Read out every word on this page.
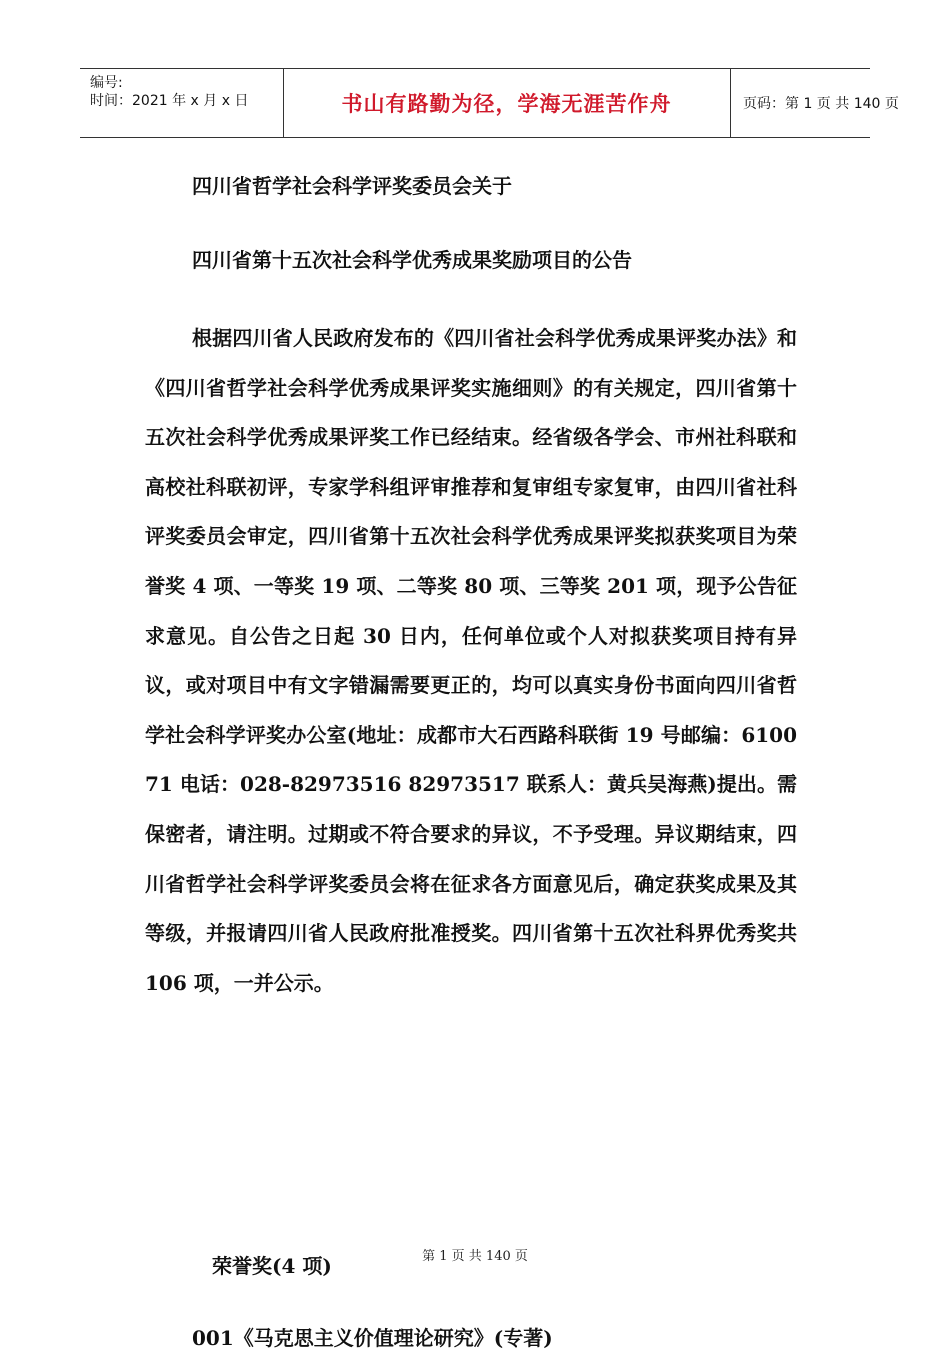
编号:
时间：2021 年 x 月 x 日	书山有路勤为径，学海无涯苦作舟	页码：第 1 页 共 140 页

四川省哲学社会科学评奖委员会关于

四川省第十五次社会科学优秀成果奖励项目的公告

根据四川省人民政府发布的《四川省社会科学优秀成果评奖办法》和《四川省哲学社会科学优秀成果评奖实施细则》的有关规定，四川省第十五次社会科学优秀成果评奖工作已经结束。经省级各学会、市州社科联和高校社科联初评，专家学科组评审推荐和复审组专家复审，由四川省社科评奖委员会审定，四川省第十五次社会科学优秀成果评奖拟获奖项目为荣誉奖 4 项、一等奖 19 项、二等奖 80 项、三等奖 201 项，现予公告征求意见。自公告之日起 30 日内，任何单位或个人对拟获奖项目持有异议，或对项目中有文字错漏需要更正的，均可以真实身份书面向四川省哲学社会科学评奖办公室(地址：成都市大石西路科联街 19 号邮编：610071 电话：028-82973516 82973517 联系人：黄兵吴海燕)提出。需保密者，请注明。过期或不符合要求的异议，不予受理。异议期结束，四川省哲学社会科学评奖委员会将在征求各方面意见后，确定获奖成果及其等级，并报请四川省人民政府批准授奖。四川省第十五次社科界优秀奖共 106 项，一并公示。

荣誉奖(4 项)

001《马克思主义价值理论研究》(专著)

第 1 页 共 140 页
